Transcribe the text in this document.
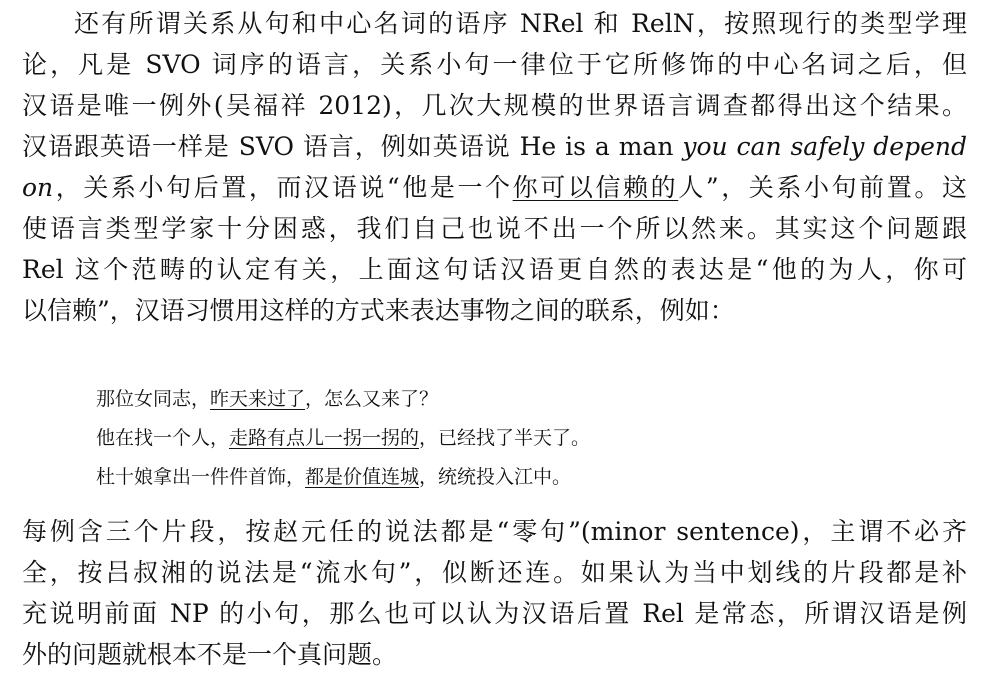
还有所谓关系从句和中心名词的语序 NRel 和 RelN，按照现行的类型学理
论，凡是 SVO 词序的语言，关系小句一律位于它所修饰的中心名词之后，但
汉语是唯一例外(吴福祥 2012)，几次大规模的世界语言调查都得出这个结果。
汉语跟英语一样是 SVO 语言，例如英语说 He is a man you can safely depend
on，关系小句后置，而汉语说“他是一个你可以信赖的人”，关系小句前置。这
使语言类型学家十分困惑，我们自己也说不出一个所以然来。其实这个问题跟
Rel 这个范畴的认定有关，上面这句话汉语更自然的表达是“他的为人，你可
以信赖”，汉语习惯用这样的方式来表达事物之间的联系，例如：
那位女同志，昨天来过了，怎么又来了？
他在找一个人，走路有点儿一拐一拐的，已经找了半天了。
杜十娘拿出一件件首饰，都是价值连城，统统投入江中。
每例含三个片段，按赵元任的说法都是“零句”(minor sentence)，主谓不必齐
全，按吕叔湘的说法是“流水句”，似断还连。如果认为当中划线的片段都是补
充说明前面 NP 的小句，那么也可以认为汉语后置 Rel 是常态，所谓汉语是例
外的问题就根本不是一个真问题。
